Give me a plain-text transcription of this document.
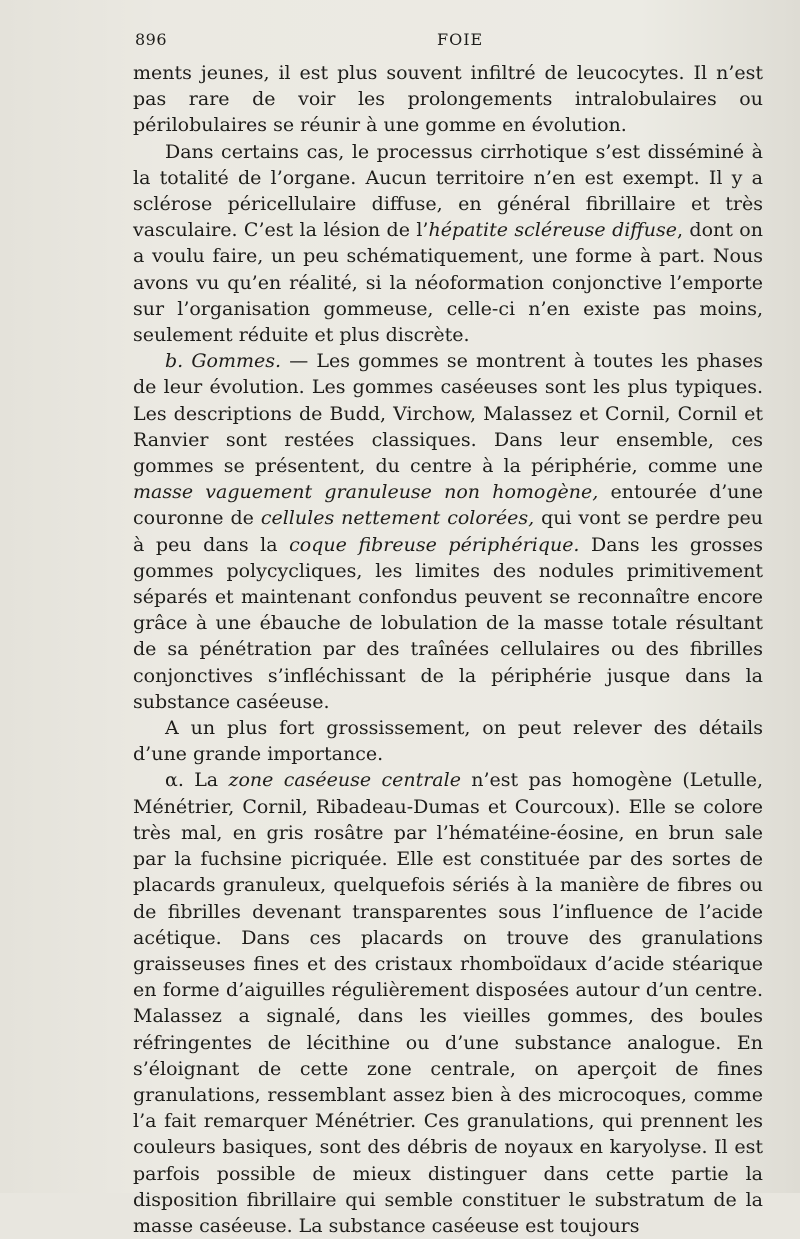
896	FOIE

ments jeunes, il est plus souvent infiltré de leucocytes. Il n’est pas rare de voir les prolongements intralobulaires ou périlobulaires se réunir à une gomme en évolution.

Dans certains cas, le processus cirrhotique s’est disséminé à la totalité de l’organe. Aucun territoire n’en est exempt. Il y a sclérose péricellulaire diffuse, en général fibrillaire et très vasculaire. C’est la lésion de l’hépatite scléreuse diffuse, dont on a voulu faire, un peu schématiquement, une forme à part. Nous avons vu qu’en réalité, si la néoformation conjonctive l’emporte sur l’organisation gommeuse, celle-ci n’en existe pas moins, seulement réduite et plus discrète.

b. Gommes. — Les gommes se montrent à toutes les phases de leur évolution. Les gommes caséeuses sont les plus typiques. Les descriptions de Budd, Virchow, Malassez et Cornil, Cornil et Ranvier sont restées classiques. Dans leur ensemble, ces gommes se présentent, du centre à la périphérie, comme une masse vaguement granuleuse non homogène, entourée d’une couronne de cellules nettement colorées, qui vont se perdre peu à peu dans la coque fibreuse périphérique. Dans les grosses gommes polycycliques, les limites des nodules primitivement séparés et maintenant confondus peuvent se reconnaître encore grâce à une ébauche de lobulation de la masse totale résultant de sa pénétration par des traînées cellulaires ou des fibrilles conjonctives s’infléchissant de la périphérie jusque dans la substance caséeuse.

A un plus fort grossissement, on peut relever des détails d’une grande importance.

α. La zone caséeuse centrale n’est pas homogène (Letulle, Ménétrier, Cornil, Ribadeau-Dumas et Courcoux). Elle se colore très mal, en gris rosâtre par l’hématéine-éosine, en brun sale par la fuchsine picriquée. Elle est constituée par des sortes de placards granuleux, quelquefois sériés à la manière de fibres ou de fibrilles devenant transparentes sous l’influence de l’acide acétique. Dans ces placards on trouve des granulations graisseuses fines et des cristaux rhomboïdaux d’acide stéarique en forme d’aiguilles régulièrement disposées autour d’un centre. Malassez a signalé, dans les vieilles gommes, des boules réfringentes de lécithine ou d’une substance analogue. En s’éloignant de cette zone centrale, on aperçoit de fines granulations, ressemblant assez bien à des microcoques, comme l’a fait remarquer Ménétrier. Ces granulations, qui prennent les couleurs basiques, sont des débris de noyaux en karyolyse. Il est parfois possible de mieux distinguer dans cette partie la disposition fibrillaire qui semble constituer le substratum de la masse caséeuse. La substance caséeuse est toujours
